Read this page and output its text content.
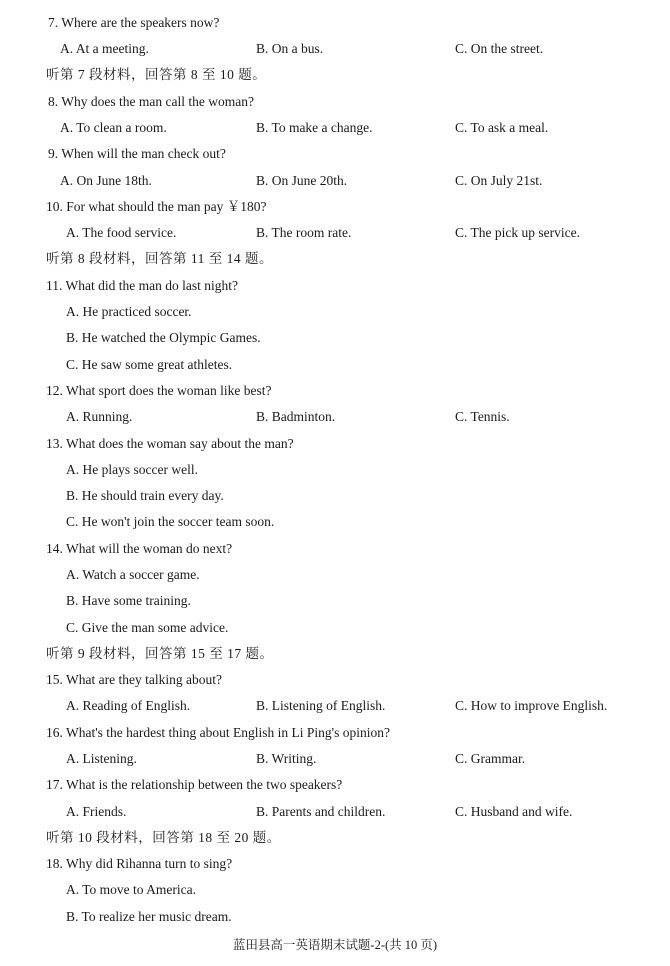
7. Where are the speakers now?
A. At a meeting.	B. On a bus.	C. On the street.
听第 7 段材料，回答第 8 至 10 题。
8. Why does the man call the woman?
A. To clean a room.	B. To make a change.	C. To ask a meal.
9. When will the man check out?
A. On June 18th.	B. On June 20th.	C. On July 21st.
10. For what should the man pay ￥180?
A. The food service.	B. The room rate.	C. The pick up service.
听第 8 段材料，回答第 11 至 14 题。
11. What did the man do last night?
A. He practiced soccer.
B. He watched the Olympic Games.
C. He saw some great athletes.
12. What sport does the woman like best?
A. Running.	B. Badminton.	C. Tennis.
13. What does the woman say about the man?
A. He plays soccer well.
B. He should train every day.
C. He won't join the soccer team soon.
14. What will the woman do next?
A. Watch a soccer game.
B. Have some training.
C. Give the man some advice.
听第 9 段材料，回答第 15 至 17 题。
15. What are they talking about?
A. Reading of English.	B. Listening of English.	C. How to improve English.
16. What's the hardest thing about English in Li Ping's opinion?
A. Listening.	B. Writing.	C. Grammar.
17. What is the relationship between the two speakers?
A. Friends.	B. Parents and children.	C. Husband and wife.
听第 10 段材料，回答第 18 至 20 题。
18. Why did Rihanna turn to sing?
A. To move to America.
B. To realize her music dream.
蓝田县高一英语期末试题-2-(共 10 页)
